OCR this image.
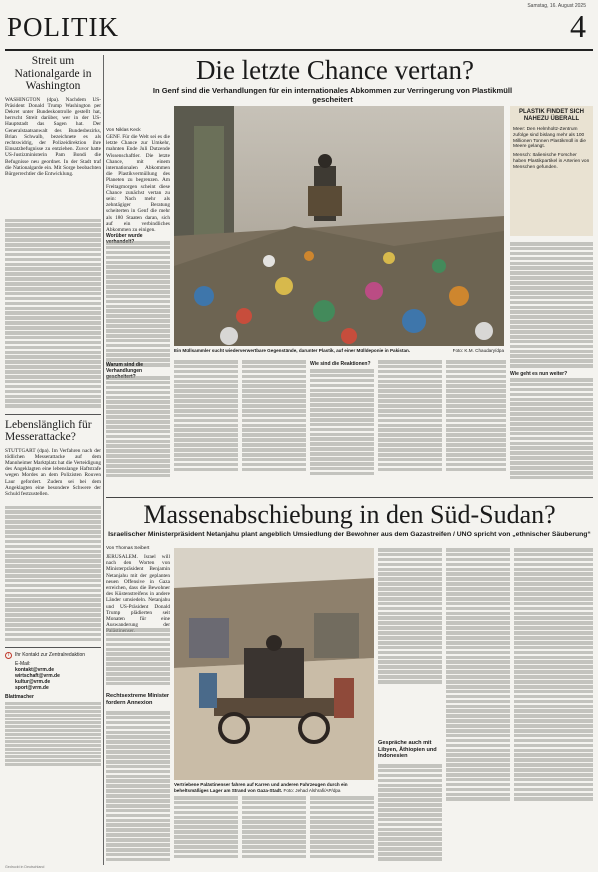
Samstag, 16. August 2025
POLITIK	4
Streit um Nationalgarde in Washington
WASHINGTON (dpa). Nachdem US-Präsident Donald Trump Washington per Dekret unter Bundeskontrolle gestellt hat, herrscht Streit darüber, wer in der US-Hauptstadt das Sagen hat. Der Generalstaatsanwalt des Bundesbezirks, Brian Schwalb, bezeichnete es als rechtswidrig, der Polizeidirektion ihre Einsatzbefugnisse zu entziehen. Zuvor hatte US-Justizministerin Pam Bondi die Befugnisse neu geordnet. In der Stadt traf die Nationalgarde ein. Mit Sorge beobachten Bürgerrechtler die Entwicklung.
Lebenslänglich für Messerattacke?
STUTTGART (dpa). Im Verfahren nach der tödlichen Messerattacke auf dem Mannheimer Marktplatz hat die Verteidigung des Angeklagten eine lebenslange Haftstrafe wegen Mordes an dem Polizisten Rouven Laur gefordert. Zudem sei bei dem Angeklagten eine besondere Schwere der Schuld festzustellen.
i	Ihr Kontakt zur Zentralredaktion
E-Mail:
kontakt@vrm.de
wirtschaft@vrm.de
kultur@vrm.de
sport@vrm.de
Blattmacher
Von Niklas Keck
Die letzte Chance vertan?
In Genf sind die Verhandlungen für ein internationales Abkommen zur Verringerung von Plastikmüll gescheitert
GENF. Für die Welt sei es die letzte Chance zur Umkehr, mahnten Ende Juli Dutzende Wissenschaftler. Die letzte Chance, mit einem internationalen Abkommen die Plastikvermüllung des Planeten zu begrenzen. Am Freitagmorgen scheint diese Chance zunächst vertan zu sein: Nach mehr als zehntägiger Beratung scheiterten in Genf die mehr als 180 Staaten daran, sich auf ein verbindliches Abkommen zu einigen.
Worüber wurde
Warum sind die Verhandlungen
Ein Müllsammler sucht wiederverwertbare Gegenstände, darunter Plastik, auf einer Mülldeponie in Pakistan.	Foto: K.M. Chaudary/dpa
Wie sind die Reaktionen?
PLASTIK FINDET SICH NAHEZU ÜBERALL
Meer: Den Helmholtz-Zentrum zufolge sind bislang mehr als 100 Millionen Tonnen Plastikmüll in die Meere gelangt.
Mensch: Italienische Forscher haben Plastikpartikel in Arterien von Menschen gefunden.
Wie geht es nun weiter?
Massenabschiebung in den Süd-Sudan?
Israelischer Ministerpräsident Netanjahu plant angeblich Umsiedlung der Bewohner aus dem Gazastreifen / UNO spricht von „ethnischer Säuberung“
Von Thomas Seibert
JERUSALEM. Israel will nach den Worten von Ministerpräsident Benjamin Netanjahu mit der geplanten neuen Offensive in Gaza erreichen, dass die Bewohner des Küstenstreifens in andere Länder umsiedeln. Netanjahu und US-Präsident Donald Trump plädierten seit Monaten für eine Auswanderung der
Rechtsextreme Minister fordern Annexion
Vertriebene Palästinenser fahren auf Karren und anderen Fahrzeugen durch ein beheltsmäßiges Lager am Strand von Gaza-Stadt. Foto: Jehad Alshrafi/AP/dpa
Gespräche auch mit Libyen, Äthiopien und Indonesien
Gedruckt in Deutschland
